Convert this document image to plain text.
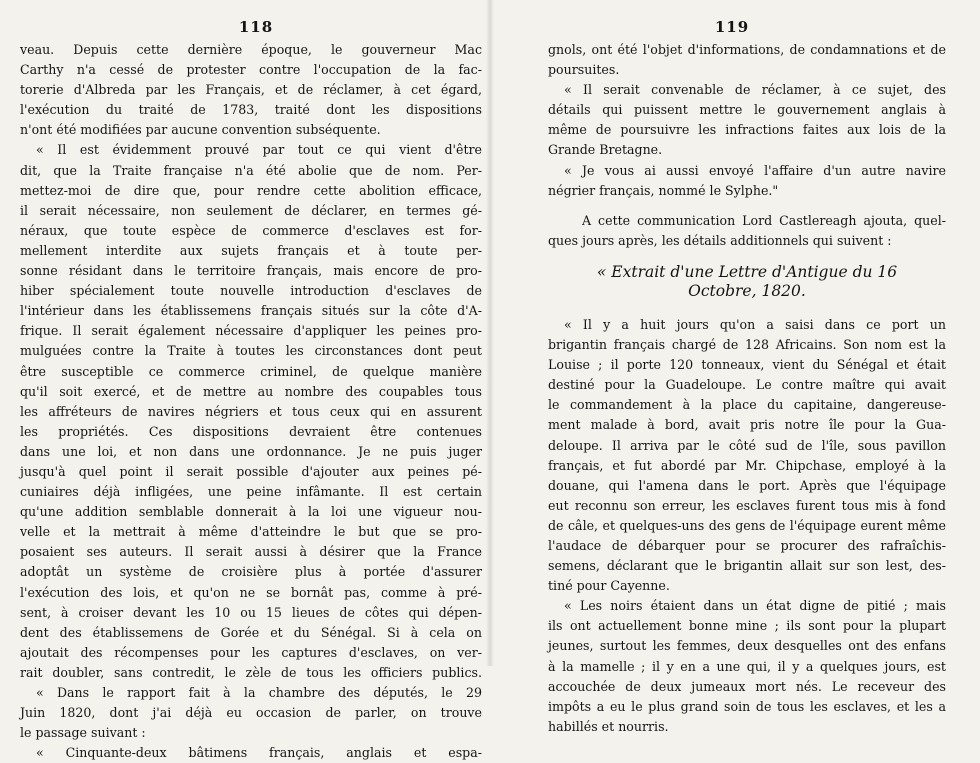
118
veau. Depuis cette dernière époque, le gouverneur Mac
Carthy n'a cessé de protester contre l'occupation de la fac-
torerie d'Albreda par les Français, et de réclamer, à cet égard,
l'exécution du traité de 1783, traité dont les dispositions
n'ont été modifiées par aucune convention subséquente.
« Il est évidemment prouvé par tout ce qui vient d'être
dit, que la Traite française n'a été abolie que de nom. Per-
mettez-moi de dire que, pour rendre cette abolition efficace,
il serait nécessaire, non seulement de déclarer, en termes gé-
néraux, que toute espèce de commerce d'esclaves est for-
mellement interdite aux sujets français et à toute per-
sonne résidant dans le territoire français, mais encore de pro-
hiber spécialement toute nouvelle introduction d'esclaves de
l'intérieur dans les établissemens français situés sur la côte d'A-
frique. Il serait également nécessaire d'appliquer les peines pro-
mulguées contre la Traite à toutes les circonstances dont peut
être susceptible ce commerce criminel, de quelque manière
qu'il soit exercé, et de mettre au nombre des coupables tous
les affréteurs de navires négriers et tous ceux qui en assurent
les propriétés. Ces dispositions devraient être contenues
dans une loi, et non dans une ordonnance. Je ne puis juger
jusqu'à quel point il serait possible d'ajouter aux peines pé-
cuniaires déjà infligées, une peine infâmante. Il est certain
qu'une addition semblable donnerait à la loi une vigueur nou-
velle et la mettrait à même d'atteindre le but que se pro-
posaient ses auteurs. Il serait aussi à désirer que la France
adoptât un système de croisière plus à portée d'assurer
l'exécution des lois, et qu'on ne se bornât pas, comme à pré-
sent, à croiser devant les 10 ou 15 lieues de côtes qui dépen-
dent des établissemens de Gorée et du Sénégal. Si à cela on
ajoutait des récompenses pour les captures d'esclaves, on ver-
rait doubler, sans contredit, le zèle de tous les officiers publics.
« Dans le rapport fait à la chambre des députés, le 29
Juin 1820, dont j'ai déjà eu occasion de parler, on trouve
le passage suivant :
« Cinquante-deux bâtimens français, anglais et espa-
119
gnols, ont été l'objet d'informations, de condamnations et de
poursuites.
« Il serait convenable de réclamer, à ce sujet, des
détails qui puissent mettre le gouvernement anglais à
même de poursuivre les infractions faites aux lois de la
Grande Bretagne.
« Je vous ai aussi envoyé l'affaire d'un autre navire
négrier français, nommé le Sylphe."
A cette communication Lord Castlereagh ajouta, quel-
ques jours après, les détails additionnels qui suivent :
« Extrait d'une Lettre d'Antigue du 16
Octobre, 1820.
« Il y a huit jours qu'on a saisi dans ce port un
brigantin français chargé de 128 Africains. Son nom est la
Louise ; il porte 120 tonneaux, vient du Sénégal et était
destiné pour la Guadeloupe. Le contre maître qui avait
le commandement à la place du capitaine, dangereuse-
ment malade à bord, avait pris notre île pour la Gua-
deloupe. Il arriva par le côté sud de l'île, sous pavillon
français, et fut abordé par Mr. Chipchase, employé à la
douane, qui l'amena dans le port. Après que l'équipage
eut reconnu son erreur, les esclaves furent tous mis à fond
de câle, et quelques-uns des gens de l'équipage eurent même
l'audace de débarquer pour se procurer des rafraîchis-
semens, déclarant que le brigantin allait sur son lest, des-
tiné pour Cayenne.
« Les noirs étaient dans un état digne de pitié ; mais
ils ont actuellement bonne mine ; ils sont pour la plupart
jeunes, surtout les femmes, deux desquelles ont des enfans
à la mamelle ; il y en a une qui, il y a quelques jours, est
accouchée de deux jumeaux mort nés. Le receveur des
impôts a eu le plus grand soin de tous les esclaves, et les a
habillés et nourris.
